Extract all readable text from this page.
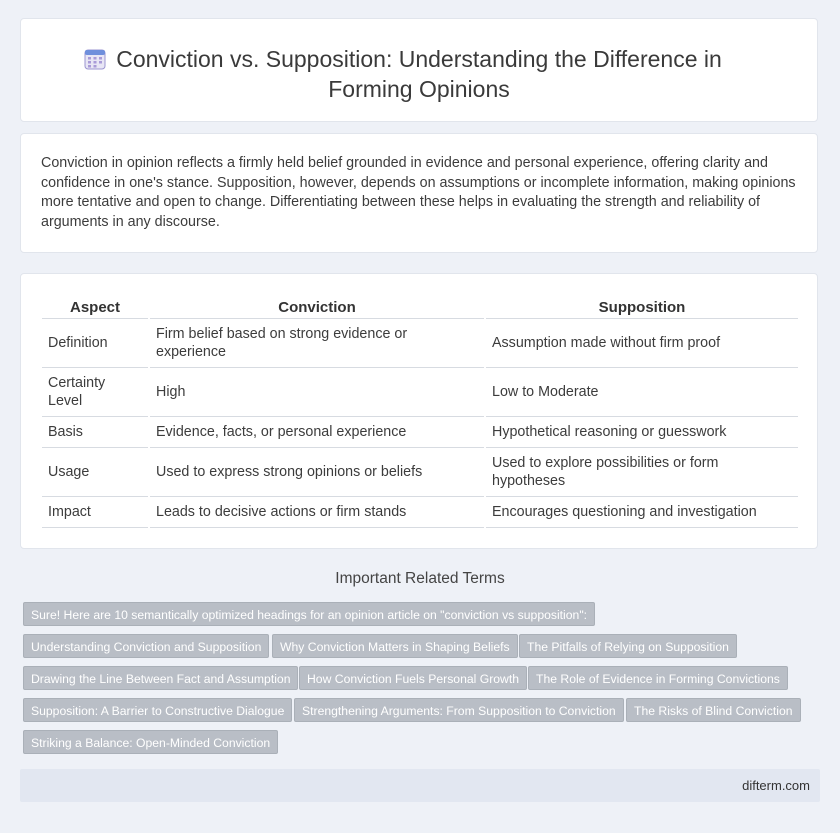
Conviction vs. Supposition: Understanding the Difference in
Forming Opinions
Conviction in opinion reflects a firmly held belief grounded in evidence and personal experience, offering clarity and confidence in one's stance. Supposition, however, depends on assumptions or incomplete information, making opinions more tentative and open to change. Differentiating between these helps in evaluating the strength and reliability of arguments in any discourse.
Aspect	Conviction	Supposition
Definition	Firm belief based on strong evidence or experience	Assumption made without firm proof
Certainty Level	High	Low to Moderate
Basis	Evidence, facts, or personal experience	Hypothetical reasoning or guesswork
Usage	Used to express strong opinions or beliefs	Used to explore possibilities or form hypotheses
Impact	Leads to decisive actions or firm stands	Encourages questioning and investigation
Important Related Terms
Sure! Here are 10 semantically optimized headings for an opinion article on "conviction vs supposition":
Understanding Conviction and Supposition	Why Conviction Matters in Shaping Beliefs	The Pitfalls of Relying on Supposition
Drawing the Line Between Fact and Assumption	How Conviction Fuels Personal Growth	The Role of Evidence in Forming Convictions
Supposition: A Barrier to Constructive Dialogue	Strengthening Arguments: From Supposition to Conviction	The Risks of Blind Conviction
Striking a Balance: Open-Minded Conviction
difterm.com
